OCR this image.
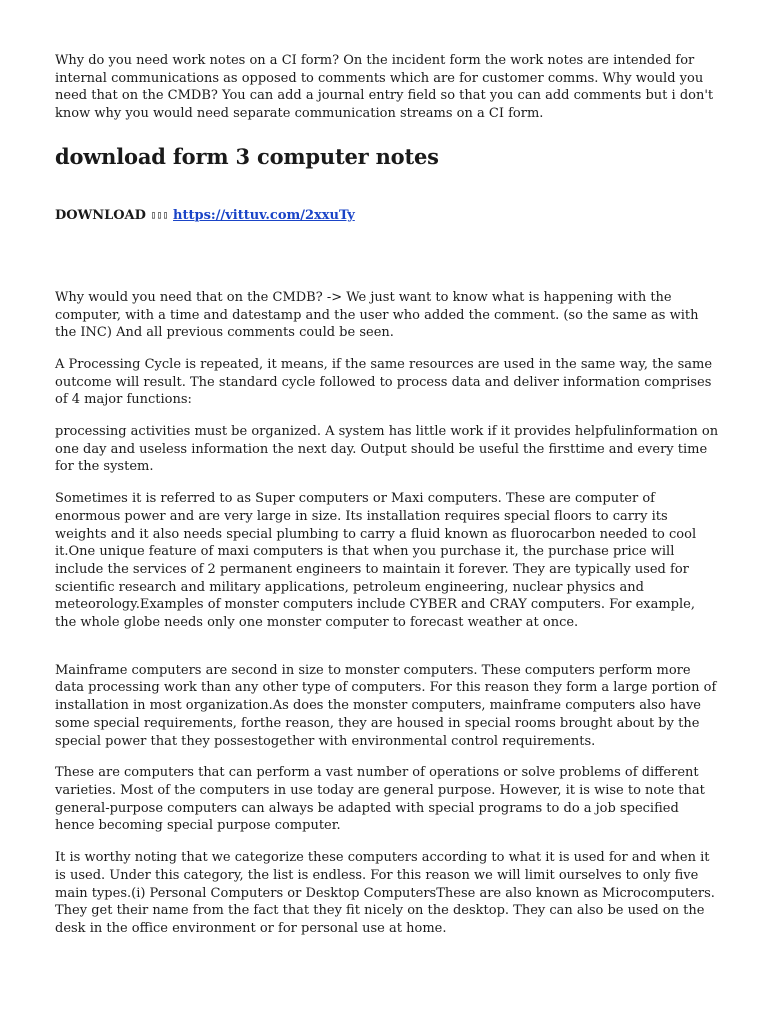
Why do you need work notes on a CI form? On the incident form the work notes are intended for internal communications as opposed to comments which are for customer comms. Why would you need that on the CMDB? You can add a journal entry field so that you can add comments but i don't know why you would need separate communication streams on a CI form.

download form 3 computer notes
DOWNLOAD ▯▯▯ https://vittuv.com/2xxuTy

Why would you need that on the CMDB? -> We just want to know what is happening with the computer, with a time and datestamp and the user who added the comment. (so the same as with the INC) And all previous comments could be seen.

A Processing Cycle is repeated, it means, if the same resources are used in the same way, the same outcome will result. The standard cycle followed to process data and deliver information comprises of 4 major functions:

processing activities must be organized. A system has little work if it provides helpfulinformation on one day and useless information the next day. Output should be useful the firsttime and every time for the system.

Sometimes it is referred to as Super computers or Maxi computers. These are computer of enormous power and are very large in size. Its installation requires special floors to carry its weights and it also needs special plumbing to carry a fluid known as fluorocarbon needed to cool it.One unique feature of maxi computers is that when you purchase it, the purchase price will include the services of 2 permanent engineers to maintain it forever. They are typically used for scientific research and military applications, petroleum engineering, nuclear physics and meteorology.Examples of monster computers include CYBER and CRAY computers. For example, the whole globe needs only one monster computer to forecast weather at once.

Mainframe computers are second in size to monster computers. These computers perform more data processing work than any other type of computers. For this reason they form a large portion of installation in most organization.As does the monster computers, mainframe computers also have some special requirements, forthe reason, they are housed in special rooms brought about by the special power that they possestogether with environmental control requirements.

These are computers that can perform a vast number of operations or solve problems of different varieties. Most of the computers in use today are general purpose. However, it is wise to note that general-purpose computers can always be adapted with special programs to do a job specified hence becoming special purpose computer.

It is worthy noting that we categorize these computers according to what it is used for and when it is used. Under this category, the list is endless. For this reason we will limit ourselves to only five main types.(i) Personal Computers or Desktop ComputersThese are also known as Microcomputers. They get their name from the fact that they fit nicely on the desktop. They can also be used on the desk in the office environment or for personal use at home.
